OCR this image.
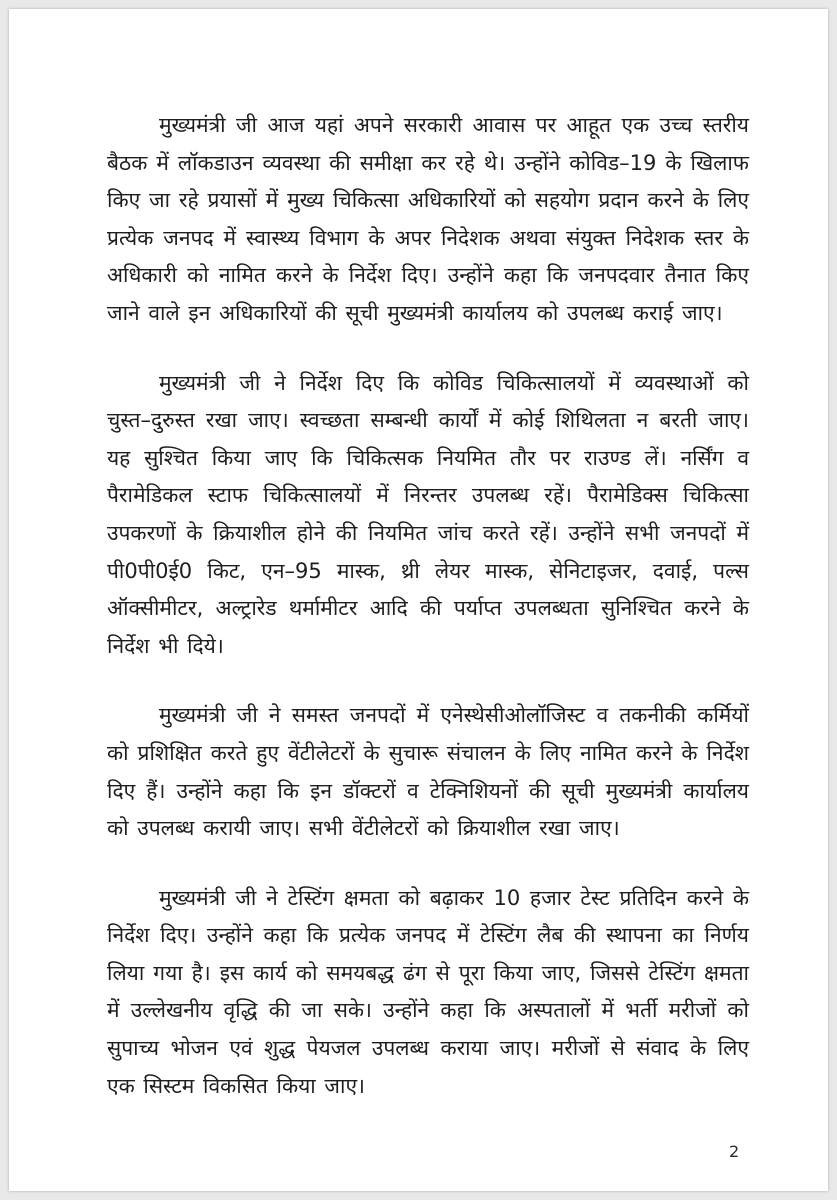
मुख्यमंत्री जी आज यहां अपने सरकारी आवास पर आहूत एक उच्च स्तरीय बैठक में लॉकडाउन व्यवस्था की समीक्षा कर रहे थे। उन्होंने कोविड–19 के खिलाफ किए जा रहे प्रयासों में मुख्य चिकित्सा अधिकारियों को सहयोग प्रदान करने के लिए प्रत्येक जनपद में स्वास्थ्य विभाग के अपर निदेशक अथवा संयुक्त निदेशक स्तर के अधिकारी को नामित करने के निर्देश दिए। उन्होंने कहा कि जनपदवार तैनात किए जाने वाले इन अधिकारियों की सूची मुख्यमंत्री कार्यालय को उपलब्ध कराई जाए।

मुख्यमंत्री जी ने निर्देश दिए कि कोविड चिकित्सालयों में व्यवस्थाओं को चुस्त–दुरुस्त रखा जाए। स्वच्छता सम्बन्धी कार्यों में कोई शिथिलता न बरती जाए। यह सुश्चित किया जाए कि चिकित्सक नियमित तौर पर राउण्ड लें। नर्सिंग व पैरामेडिकल स्टाफ चिकित्सालयों में निरन्तर उपलब्ध रहें। पैरामेडिक्स चिकित्सा उपकरणों के क्रियाशील होने की नियमित जांच करते रहें। उन्होंने सभी जनपदों में पी0पी0ई0 किट, एन–95 मास्क, थ्री लेयर मास्क, सेनिटाइजर, दवाई, पल्स ऑक्सीमीटर, अल्ट्रारेड थर्मामीटर आदि की पर्याप्त उपलब्धता सुनिश्चित करने के निर्देश भी दिये।

मुख्यमंत्री जी ने समस्त जनपदों में एनेस्थेसीओलॉजिस्ट व तकनीकी कर्मियों को प्रशिक्षित करते हुए वेंटीलेटरों के सुचारू संचालन के लिए नामित करने के निर्देश दिए हैं। उन्होंने कहा कि इन डॉक्टरों व टेक्निशियनों की सूची मुख्यमंत्री कार्यालय को उपलब्ध करायी जाए। सभी वेंटीलेटरों को क्रियाशील रखा जाए।

मुख्यमंत्री जी ने टेस्टिंग क्षमता को बढ़ाकर 10 हजार टेस्ट प्रतिदिन करने के निर्देश दिए। उन्होंने कहा कि प्रत्येक जनपद में टेस्टिंग लैब की स्थापना का निर्णय लिया गया है। इस कार्य को समयबद्ध ढंग से पूरा किया जाए, जिससे टेस्टिंग क्षमता में उल्लेखनीय वृद्धि की जा सके। उन्होंने कहा कि अस्पतालों में भर्ती मरीजों को सुपाच्य भोजन एवं शुद्ध पेयजल उपलब्ध कराया जाए। मरीजों से संवाद के लिए एक सिस्टम विकसित किया जाए।

2
